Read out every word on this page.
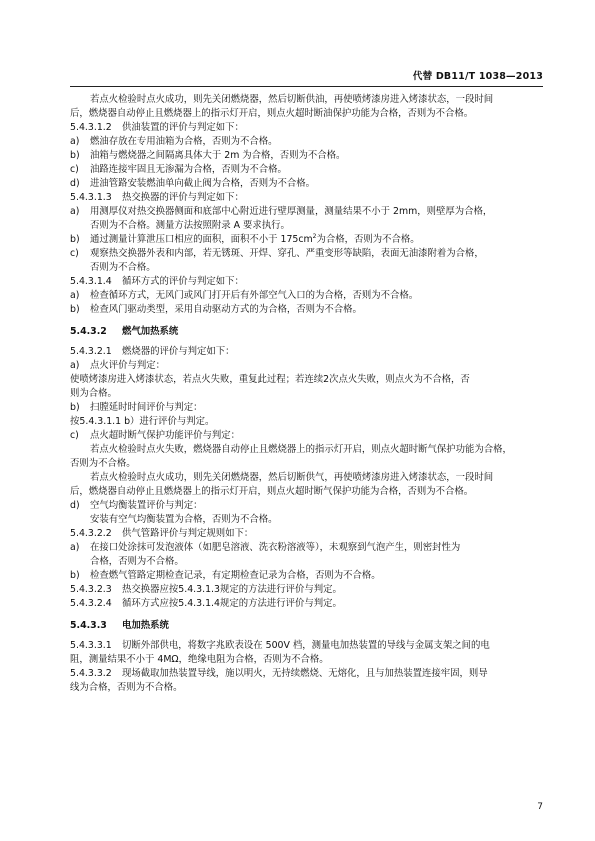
代替 DB11/T 1038—2013

若点火检验时点火成功，则先关闭燃烧器，然后切断供油，再使喷烤漆房进入烤漆状态，一段时间

后，燃烧器自动停止且燃烧器上的指示灯开启，则点火超时断油保护功能为合格，否则为不合格。

5.4.3.1.2 供油装置的评价与判定如下：

a) 燃油存放在专用油箱为合格，否则为不合格。

b) 油箱与燃烧器之间隔离具体大于 2m 为合格，否则为不合格。

c) 油路连接牢固且无渗漏为合格，否则为不合格。

d) 进油管路安装燃油单向截止阀为合格，否则为不合格。

5.4.3.1.3 热交换器的评价与判定如下：

a) 用测厚仪对热交换器侧面和底部中心附近进行壁厚测量，测量结果不小于 2mm，则壁厚为合格，
否则为不合格。测量方法按照附录 A 要求执行。

b) 通过测量计算泄压口相应的面积，面积不小于 $175cm^2$为合格，否则为不合格。

c) 观察热交换器外表和内部，若无锈斑、开焊、穿孔、严重变形等缺陷，表面无油漆附着为合格，
否则为不合格。

5.4.3.1.4 循环方式的评价与判定如下：

a) 检查循环方式，无风门或风门打开后有外部空气入口的为合格，否则为不合格。

b) 检查风门驱动类型，采用自动驱动方式的为合格，否则为不合格。

5.4.3.2 燃气加热系统

5.4.3.2.1 燃烧器的评价与判定如下：

a) 点火评价与判定：

使喷烤漆房进入烤漆状态，若点火失败，重复此过程；若连续2次点火失败，则点火为不合格，否

则为合格。

b) 扫膛延时时间评价与判定：

按5.4.3.1.1 b）进行评价与判定。

c) 点火超时断气保护功能评价与判定：

若点火检验时点火失败，燃烧器自动停止且燃烧器上的指示灯开启，则点火超时断气保护功能为合格，

否则为不合格。

若点火检验时点火成功，则先关闭燃烧器，然后切断供气，再使喷烤漆房进入烤漆状态，一段时间

后，燃烧器自动停止且燃烧器上的指示灯开启，则点火超时断气保护功能为合格，否则为不合格。

d) 空气均衡装置评价与判定：

安装有空气均衡装置为合格，否则为不合格。

5.4.3.2.2 供气管路评价与判定规则如下：

a) 在接口处涂抹可发泡液体（如肥皂溶液、洗衣粉溶液等），未观察到气泡产生，则密封性为
合格，否则为不合格。

b) 检查燃气管路定期检查记录，有定期检查记录为合格，否则为不合格。

5.4.3.2.3 热交换器应按5.4.3.1.3规定的方法进行评价与判定。

5.4.3.2.4 循环方式应按5.4.3.1.4规定的方法进行评价与判定。

5.4.3.3 电加热系统

5.4.3.3.1 切断外部供电，将数字兆欧表设在 500V 档，测量电加热装置的导线与金属支架之间的电

阻，测量结果不小于 4MΩ，绝缘电阻为合格，否则为不合格。

5.4.3.3.2 现场截取加热装置导线，施以明火，无持续燃烧、无熔化，且与加热装置连接牢固，则导

线为合格，否则为不合格。

7
